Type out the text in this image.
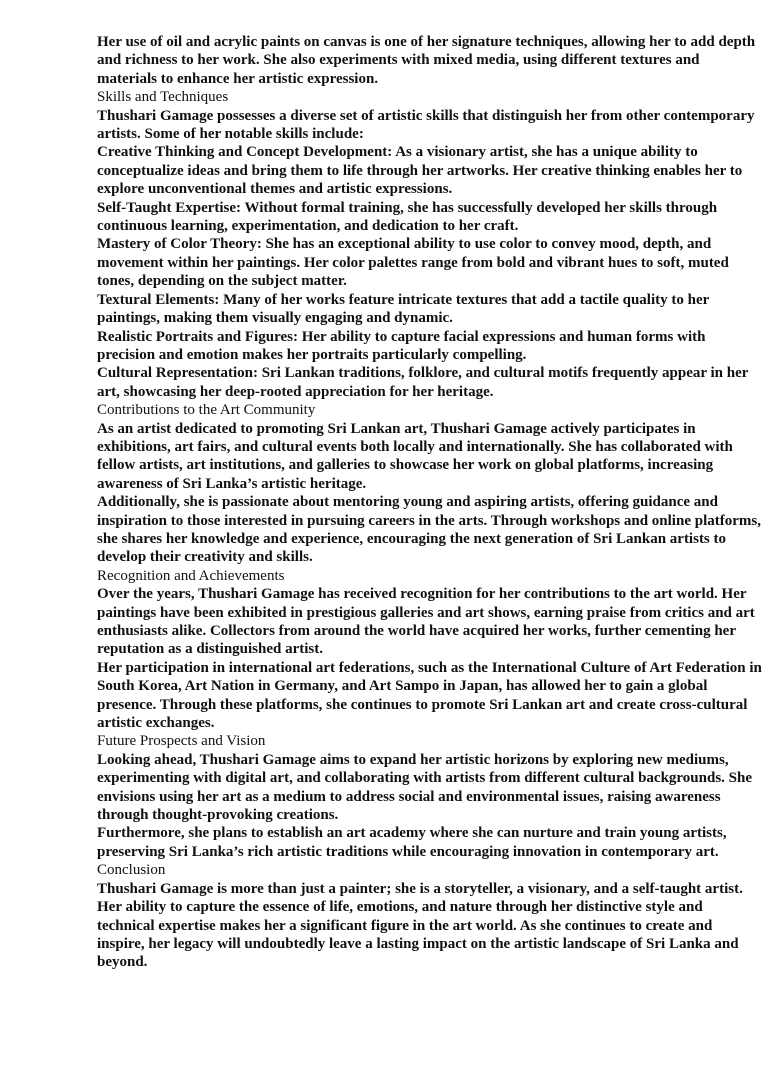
Her use of oil and acrylic paints on canvas is one of her signature techniques, allowing her to add depth and richness to her work. She also experiments with mixed media, using different textures and materials to enhance her artistic expression.

Skills and Techniques

Thushari Gamage possesses a diverse set of artistic skills that distinguish her from other contemporary artists. Some of her notable skills include:

Creative Thinking and Concept Development: As a visionary artist, she has a unique ability to conceptualize ideas and bring them to life through her artworks. Her creative thinking enables her to explore unconventional themes and artistic expressions.

Self-Taught Expertise: Without formal training, she has successfully developed her skills through continuous learning, experimentation, and dedication to her craft.

Mastery of Color Theory: She has an exceptional ability to use color to convey mood, depth, and movement within her paintings. Her color palettes range from bold and vibrant hues to soft, muted tones, depending on the subject matter.

Textural Elements: Many of her works feature intricate textures that add a tactile quality to her paintings, making them visually engaging and dynamic.

Realistic Portraits and Figures: Her ability to capture facial expressions and human forms with precision and emotion makes her portraits particularly compelling.

Cultural Representation: Sri Lankan traditions, folklore, and cultural motifs frequently appear in her art, showcasing her deep-rooted appreciation for her heritage.

Contributions to the Art Community

As an artist dedicated to promoting Sri Lankan art, Thushari Gamage actively participates in exhibitions, art fairs, and cultural events both locally and internationally. She has collaborated with fellow artists, art institutions, and galleries to showcase her work on global platforms, increasing awareness of Sri Lanka’s artistic heritage.

Additionally, she is passionate about mentoring young and aspiring artists, offering guidance and inspiration to those interested in pursuing careers in the arts. Through workshops and online platforms, she shares her knowledge and experience, encouraging the next generation of Sri Lankan artists to develop their creativity and skills.

Recognition and Achievements

Over the years, Thushari Gamage has received recognition for her contributions to the art world. Her paintings have been exhibited in prestigious galleries and art shows, earning praise from critics and art enthusiasts alike. Collectors from around the world have acquired her works, further cementing her reputation as a distinguished artist.

Her participation in international art federations, such as the International Culture of Art Federation in South Korea, Art Nation in Germany, and Art Sampo in Japan, has allowed her to gain a global presence. Through these platforms, she continues to promote Sri Lankan art and create cross-cultural artistic exchanges.

Future Prospects and Vision

Looking ahead, Thushari Gamage aims to expand her artistic horizons by exploring new mediums, experimenting with digital art, and collaborating with artists from different cultural backgrounds. She envisions using her art as a medium to address social and environmental issues, raising awareness through thought-provoking creations.

Furthermore, she plans to establish an art academy where she can nurture and train young artists, preserving Sri Lanka’s rich artistic traditions while encouraging innovation in contemporary art.

Conclusion

Thushari Gamage is more than just a painter; she is a storyteller, a visionary, and a self-taught artist. Her ability to capture the essence of life, emotions, and nature through her distinctive style and technical expertise makes her a significant figure in the art world. As she continues to create and inspire, her legacy will undoubtedly leave a lasting impact on the artistic landscape of Sri Lanka and beyond.
